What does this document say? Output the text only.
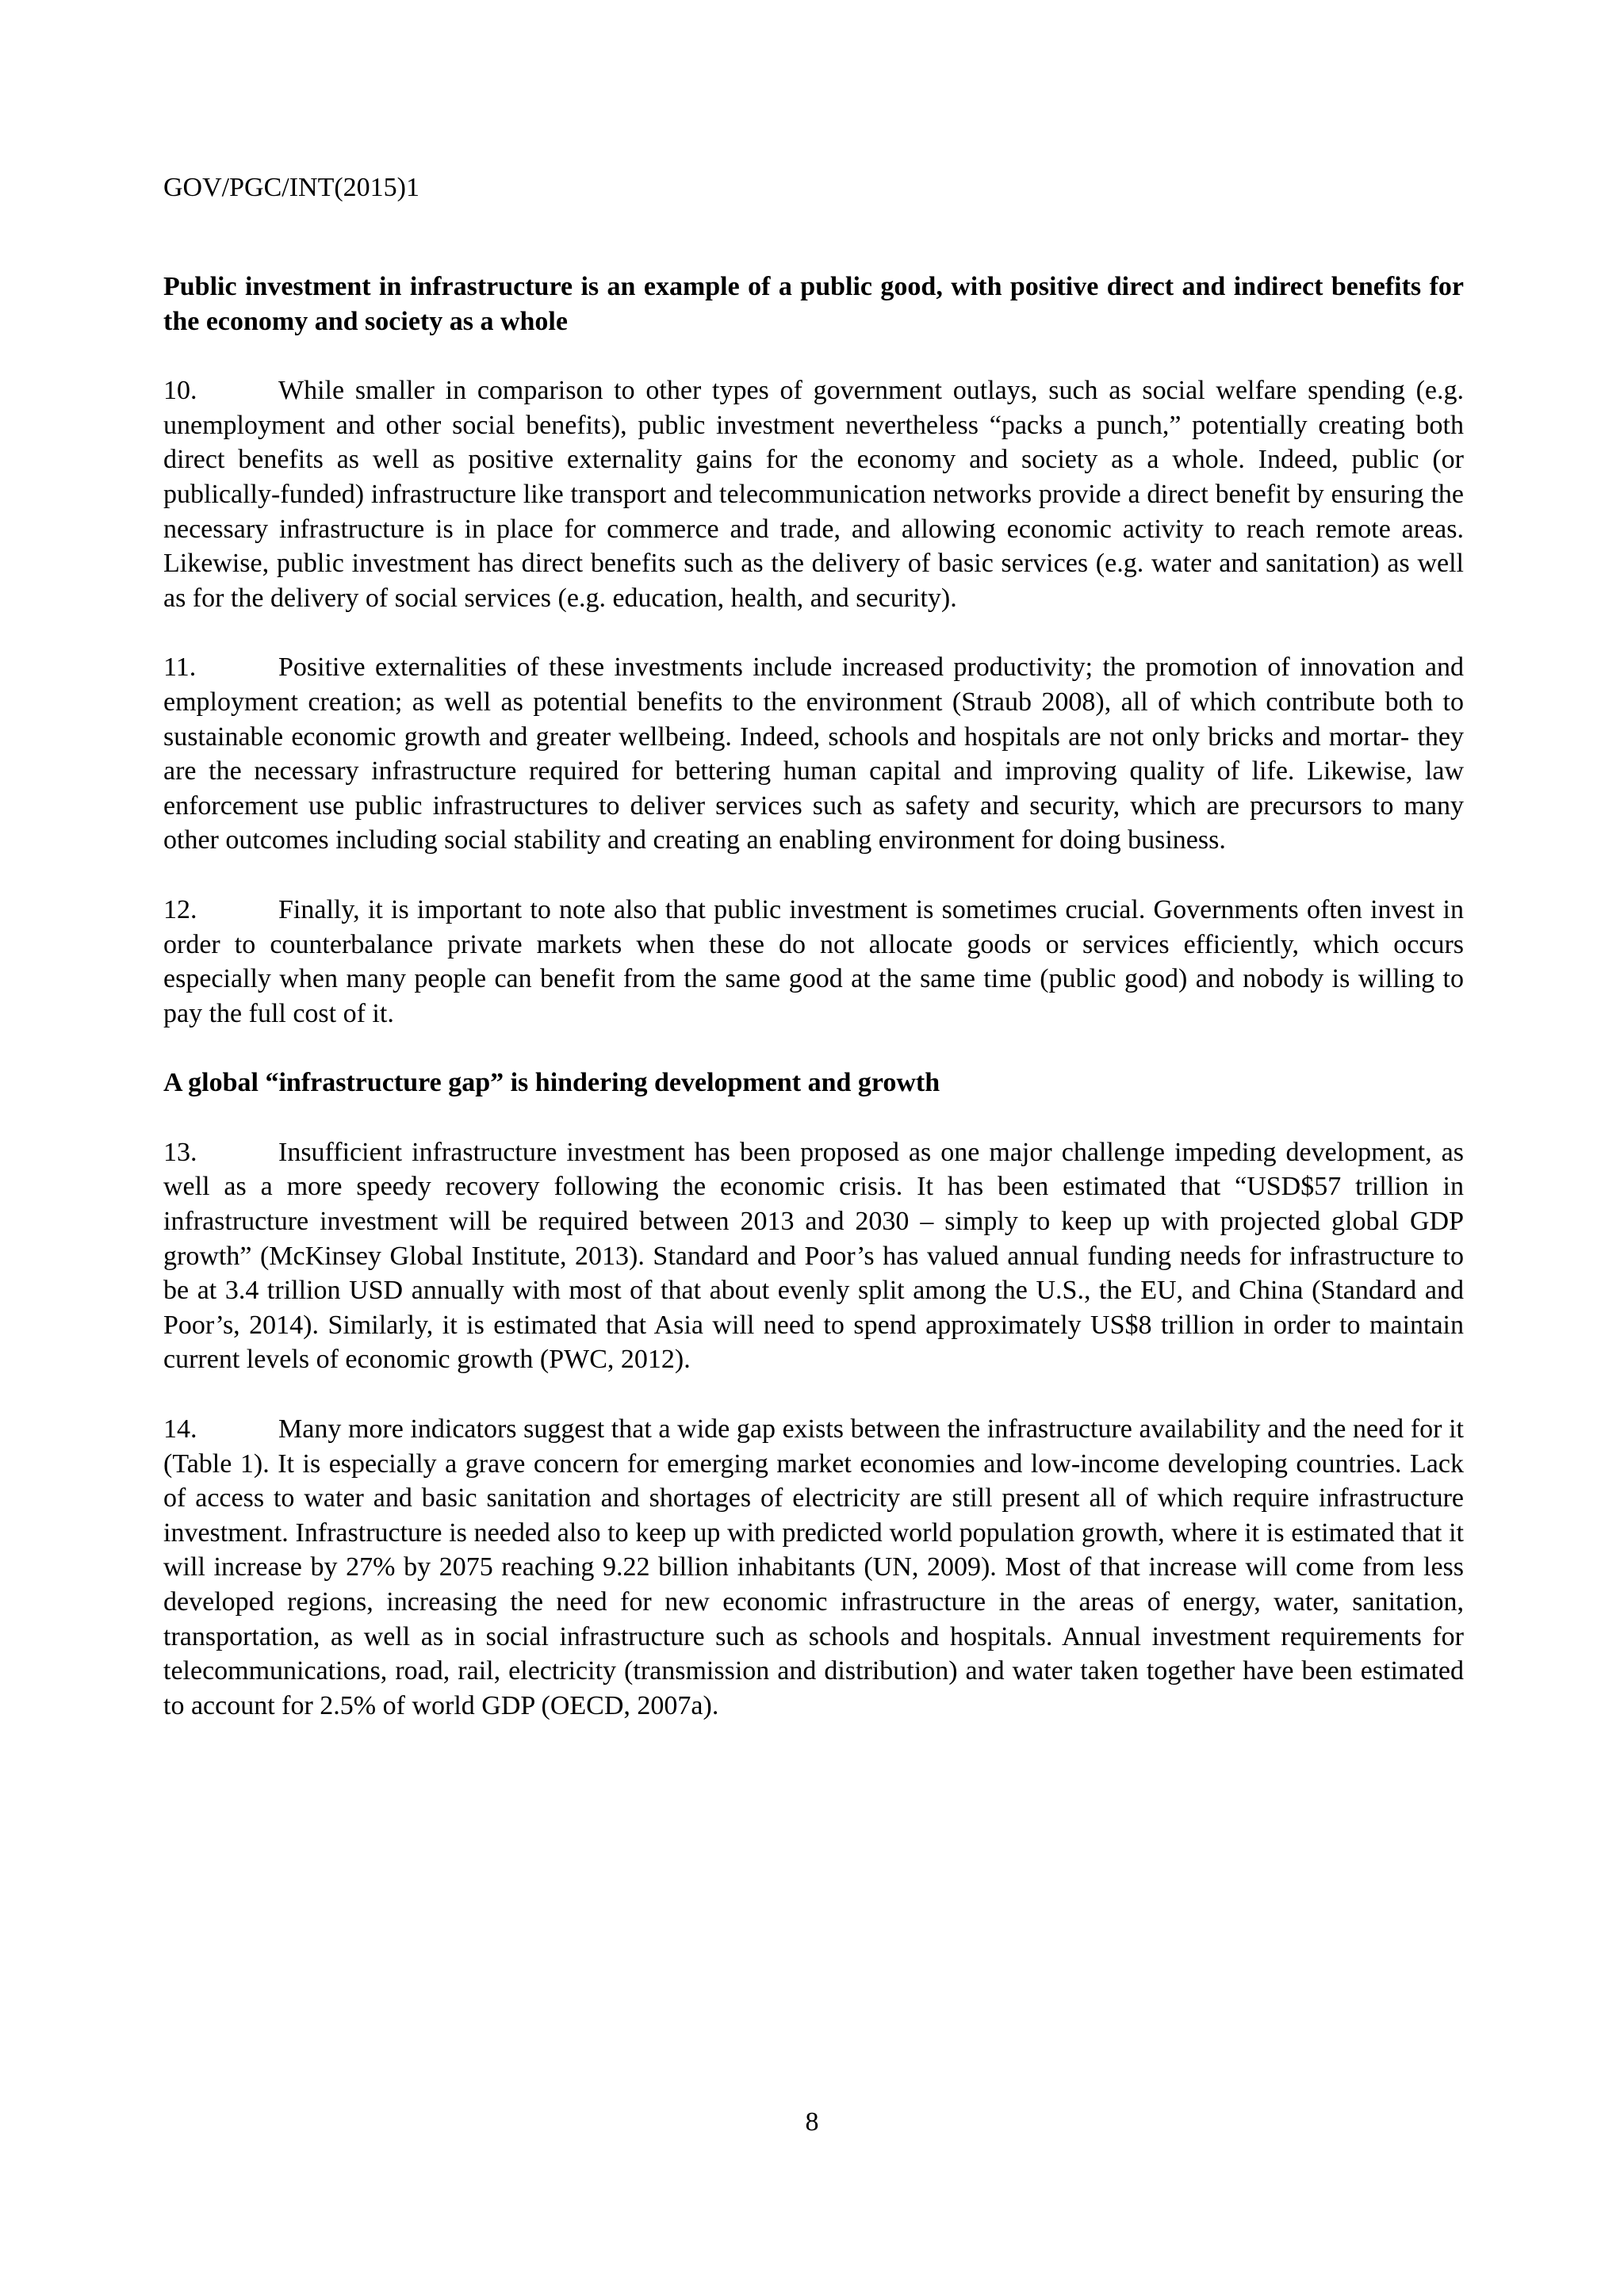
GOV/PGC/INT(2015)1

Public investment in infrastructure is an example of a public good, with positive direct and indirect benefits for the economy and society as a whole

10.	While smaller in comparison to other types of government outlays, such as social welfare spending (e.g. unemployment and other social benefits), public investment nevertheless “packs a punch,” potentially creating both direct benefits as well as positive externality gains for the economy and society as a whole. Indeed, public (or publically-funded) infrastructure like transport and telecommunication networks provide a direct benefit by ensuring the necessary infrastructure is in place for commerce and trade, and allowing economic activity to reach remote areas. Likewise, public investment has direct benefits such as the delivery of basic services (e.g. water and sanitation) as well as for the delivery of social services (e.g. education, health, and security).

11.	Positive externalities of these investments include increased productivity; the promotion of innovation and employment creation; as well as potential benefits to the environment (Straub 2008), all of which contribute both to sustainable economic growth and greater wellbeing. Indeed, schools and hospitals are not only bricks and mortar- they are the necessary infrastructure required for bettering human capital and improving quality of life. Likewise, law enforcement use public infrastructures to deliver services such as safety and security, which are precursors to many other outcomes including social stability and creating an enabling environment for doing business.

12.	Finally, it is important to note also that public investment is sometimes crucial. Governments often invest in order to counterbalance private markets when these do not allocate goods or services efficiently, which occurs especially when many people can benefit from the same good at the same time (public good) and nobody is willing to pay the full cost of it.

A global “infrastructure gap” is hindering development and growth

13.	Insufficient infrastructure investment has been proposed as one major challenge impeding development, as well as a more speedy recovery following the economic crisis. It has been estimated that “USD$57 trillion in infrastructure investment will be required between 2013 and 2030 – simply to keep up with projected global GDP growth” (McKinsey Global Institute, 2013). Standard and Poor’s has valued annual funding needs for infrastructure to be at 3.4 trillion USD annually with most of that about evenly split among the U.S., the EU, and China (Standard and Poor’s, 2014). Similarly, it is estimated that Asia will need to spend approximately US$8 trillion in order to maintain current levels of economic growth (PWC, 2012).

14.	Many more indicators suggest that a wide gap exists between the infrastructure availability and the need for it (Table 1). It is especially a grave concern for emerging market economies and low-income developing countries. Lack of access to water and basic sanitation and shortages of electricity are still present all of which require infrastructure investment. Infrastructure is needed also to keep up with predicted world population growth, where it is estimated that it will increase by 27% by 2075 reaching 9.22 billion inhabitants (UN, 2009). Most of that increase will come from less developed regions, increasing the need for new economic infrastructure in the areas of energy, water, sanitation, transportation, as well as in social infrastructure such as schools and hospitals. Annual investment requirements for telecommunications, road, rail, electricity (transmission and distribution) and water taken together have been estimated to account for 2.5% of world GDP (OECD, 2007a).

8
